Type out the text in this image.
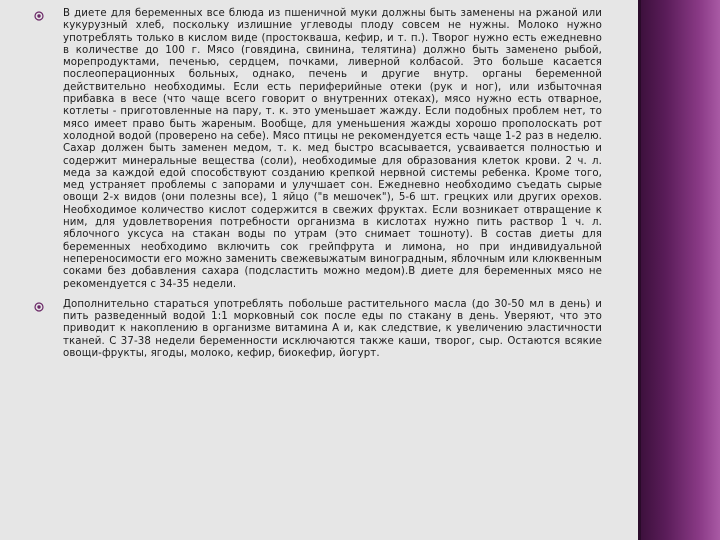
В диете для беременных все блюда из пшеничной муки должны быть заменены на ржаной или кукурузный хлеб, поскольку излишние углеводы плоду совсем не нужны. Молоко нужно употреблять только в кислом виде (простокваша, кефир, и т. п.). Творог нужно есть ежедневно в количестве до 100 г. Мясо (говядина, свинина, телятина) должно быть заменено рыбой, морепродуктами, печенью, сердцем, почками, ливерной колбасой. Это больше касается послеоперационных больных, однако, печень и другие внутр. органы беременной действительно необходимы. Если есть периферийные отеки (рук и ног), или избыточная прибавка в весе (что чаще всего говорит о внутренних отеках), мясо нужно есть отварное, котлеты - приготовленные на пару, т. к. это уменьшает жажду. Если подобных проблем нет, то мясо имеет право быть жареным. Вообще, для уменьшения жажды хорошо прополоскать рот холодной водой (проверено на себе). Мясо птицы не рекомендуется есть чаще 1-2 раз в неделю. Сахар должен быть заменен медом, т. к. мед быстро всасывается, усваивается полностью и содержит минеральные вещества (соли), необходимые для образования клеток крови. 2 ч. л. меда за каждой едой способствуют созданию крепкой нервной системы ребенка. Кроме того, мед устраняет проблемы с запорами и улучшает сон. Ежедневно необходимо съедать сырые овощи 2-х видов (они полезны все), 1 яйцо ("в мешочек"), 5-6 шт. грецких или других орехов. Необходимое количество кислот содержится в свежих фруктах. Если возникает отвращение к ним, для удовлетворения потребности организма в кислотах нужно пить раствор 1 ч. л. яблочного уксуса на стакан воды по утрам (это снимает тошноту). В состав диеты для беременных необходимо включить сок грейпфрута и лимона, но при индивидуальной непереносимости его можно заменить свежевыжатым виноградным, яблочным или клюквенным соками без добавления сахара (подсластить можно медом).В диете для беременных мясо не рекомендуется с 34-35 недели.

Дополнительно стараться употреблять побольше растительного масла (до 30-50 мл в день) и пить разведенный водой 1:1 морковный сок после еды по стакану в день. Уверяют, что это приводит к накоплению в организме витамина А и, как следствие, к увеличению эластичности тканей. С 37-38 недели беременности исключаются также каши, творог, сыр. Остаются всякие овощи-фрукты, ягоды, молоко, кефир, биокефир, йогурт.
